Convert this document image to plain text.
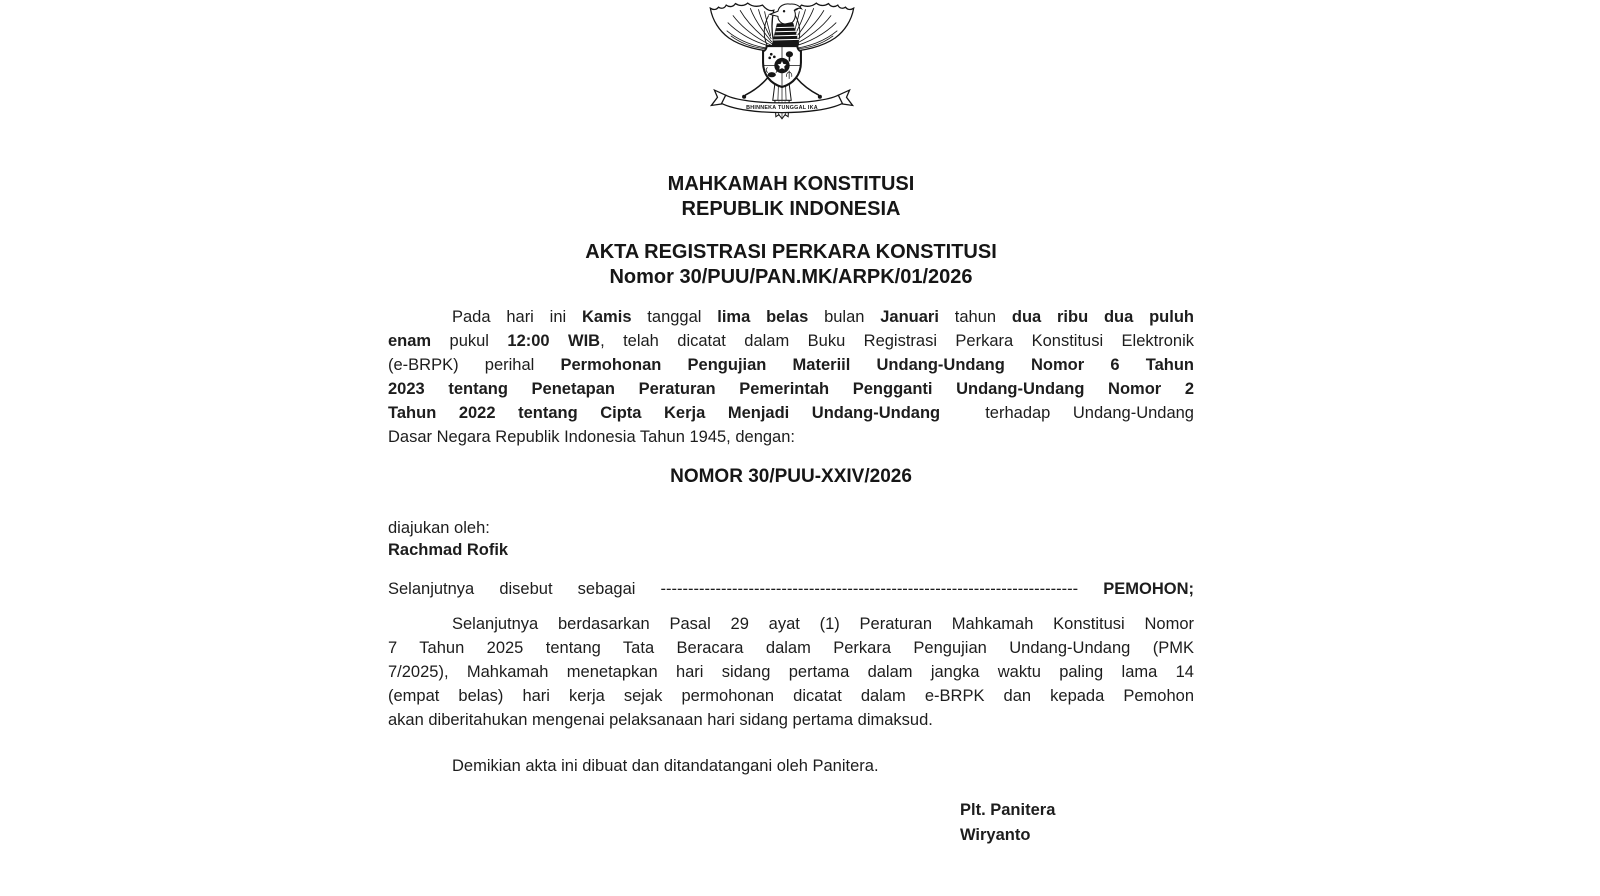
BHINNEKA TUNGGAL IKA
MAHKAMAH KONSTITUSI
REPUBLIK INDONESIA
AKTA REGISTRASI PERKARA KONSTITUSI
Nomor 30/PUU/PAN.MK/ARPK/01/2026
Pada hari ini Kamis tanggal lima belas bulan Januari tahun dua ribu dua puluh
enam pukul 12:00 WIB, telah dicatat dalam Buku Registrasi Perkara Konstitusi Elektronik
(e-BRPK) perihal Permohonan Pengujian Materiil Undang-Undang Nomor 6 Tahun
2023 tentang Penetapan Peraturan Pemerintah Pengganti Undang-Undang Nomor 2
Tahun 2022 tentang Cipta Kerja Menjadi Undang-Undang  terhadap Undang-Undang
Dasar Negara Republik Indonesia Tahun 1945, dengan:
NOMOR 30/PUU-XXIV/2026
diajukan oleh:
Rachmad Rofik
Selanjutnya disebut sebagai ---------------------------------------------------------------------------- PEMOHON;
Selanjutnya berdasarkan Pasal 29 ayat (1) Peraturan Mahkamah Konstitusi Nomor
7 Tahun 2025 tentang Tata Beracara dalam Perkara Pengujian Undang-Undang (PMK
7/2025), Mahkamah menetapkan hari sidang pertama dalam jangka waktu paling lama 14
(empat belas) hari kerja sejak permohonan dicatat dalam e-BRPK dan kepada Pemohon
akan diberitahukan mengenai pelaksanaan hari sidang pertama dimaksud.
Demikian akta ini dibuat dan ditandatangani oleh Panitera.
Plt. Panitera
Wiryanto
